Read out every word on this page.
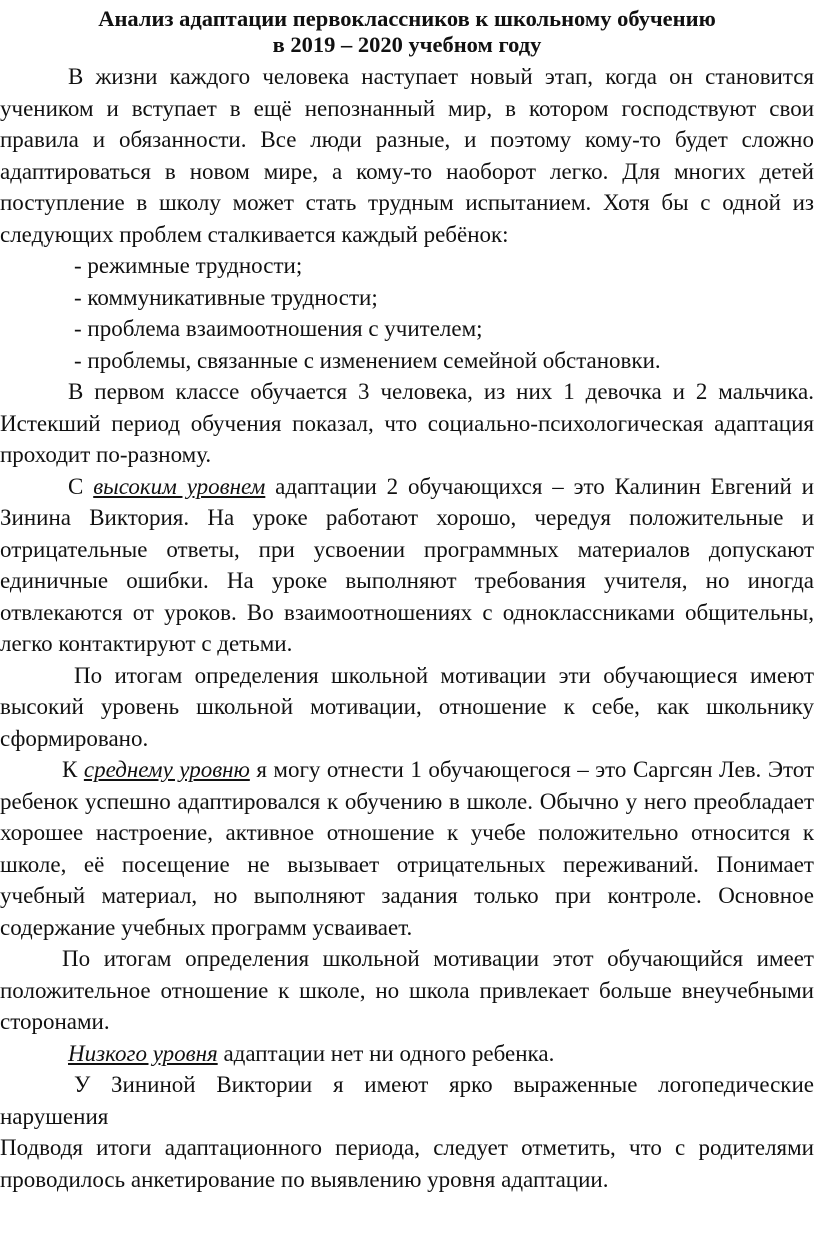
Анализ адаптации первоклассников к школьному обучению
в 2019 – 2020 учебном году

В жизни каждого человека наступает новый этап, когда он становится учеником и вступает в ещё непознанный мир, в котором господствуют свои правила и обязанности. Все люди разные, и поэтому кому-то будет сложно адаптироваться в новом мире, а кому-то наоборот легко. Для многих детей поступление в школу может стать трудным испытанием. Хотя бы с одной из следующих проблем сталкивается каждый ребёнок:

- режимные трудности;

- коммуникативные трудности;

- проблема взаимоотношения с учителем;

- проблемы, связанные с изменением семейной обстановки.

В первом классе обучается 3 человека, из них 1 девочка и 2 мальчика. Истекший период обучения показал, что социально-психологическая адаптация проходит по-разному.

С высоким уровнем адаптации 2 обучающихся – это Калинин Евгений и Зинина Виктория. На уроке работают хорошо, чередуя положительные и отрицательные ответы, при усвоении программных материалов допускают единичные ошибки. На уроке выполняют требования учителя, но иногда отвлекаются от уроков. Во взаимоотношениях с одноклассниками общительны, легко контактируют с детьми.

По итогам определения школьной мотивации эти обучающиеся имеют высокий уровень школьной мотивации, отношение к себе, как школьнику сформировано.

К среднему уровню я могу отнести 1 обучающегося – это Саргсян Лев. Этот ребенок успешно адаптировался к обучению в школе. Обычно у него преобладает хорошее настроение, активное отношение к учебе положительно относится к школе, её посещение не вызывает отрицательных переживаний. Понимает учебный материал, но выполняют задания только при контроле. Основное содержание учебных программ усваивает.

По итогам определения школьной мотивации этот обучающийся имеет положительное отношение к школе, но школа привлекает больше внеучебными сторонами.

Низкого уровня адаптации нет ни одного ребенка.

У Зининой Виктории я имеют ярко выраженные логопедические нарушения

Подводя итоги адаптационного периода, следует отметить, что с родителями проводилось анкетирование по выявлению уровня адаптации.
